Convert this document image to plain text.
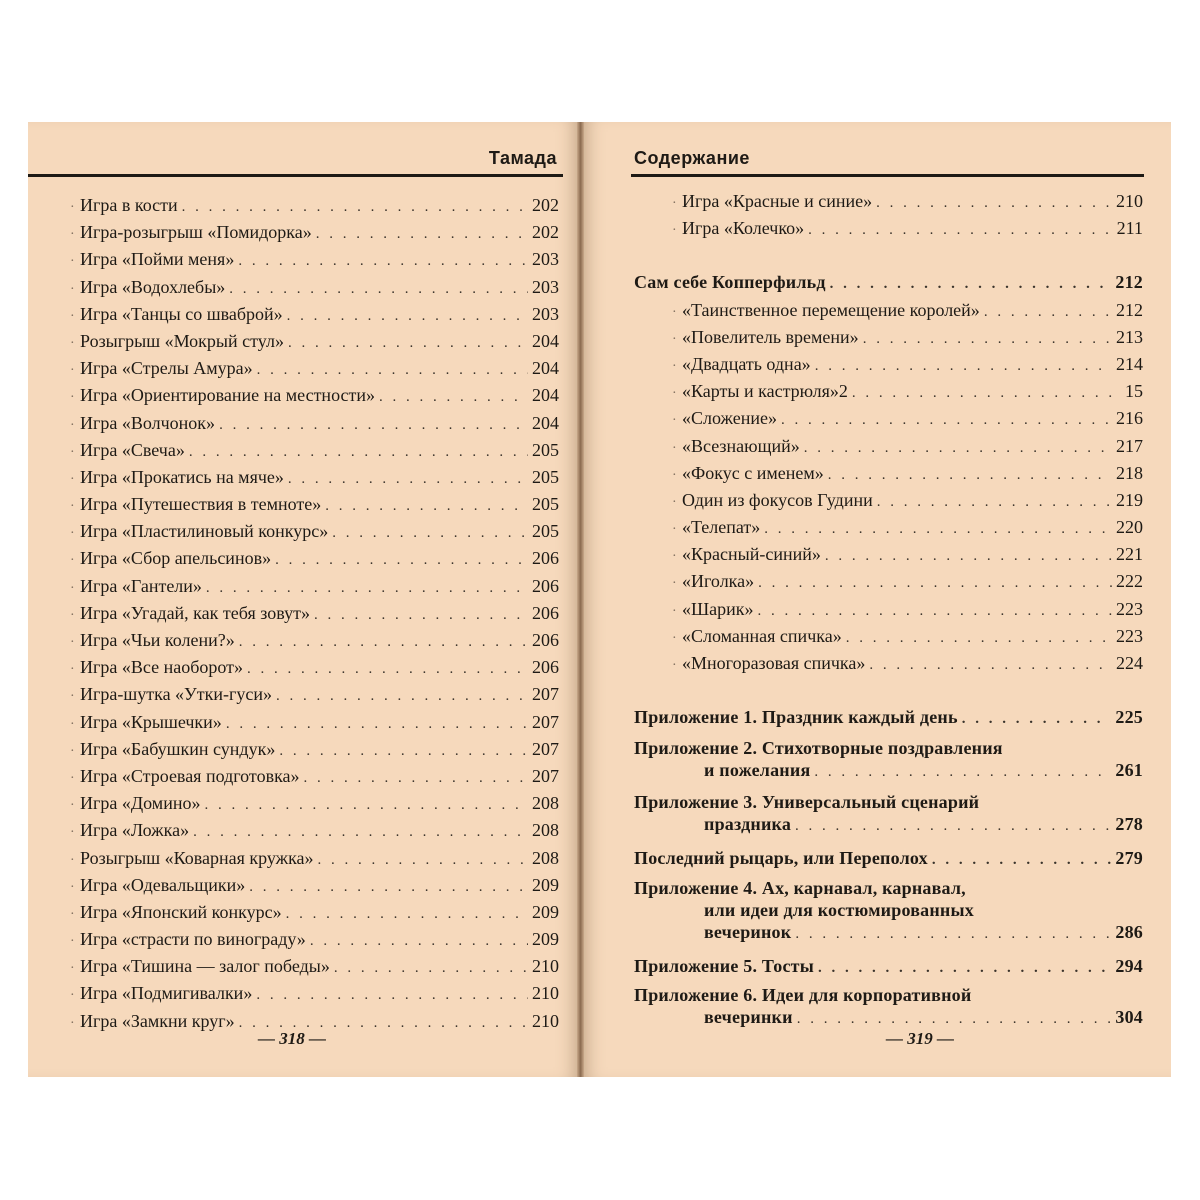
Тамада
· Игра в кости . . .	202
· Игра-розыгрыш «Помидорка» . . .	202
· Игра «Пойми меня» . . .	203
· Игра «Водохлебы» . . .	203
· Игра «Танцы со шваброй» . . .	203
· Розыгрыш «Мокрый стул» . . .	204
· Игра «Стрелы Амура» . . .	204
· Игра «Ориентирование на местности» . . .	204
· Игра «Волчонок» . . .	204
· Игра «Свеча» . . .	205
· Игра «Прокатись на мяче» . . .	205
· Игра «Путешествия в темноте» . . .	205
· Игра «Пластилиновый конкурс» . . .	205
· Игра «Сбор апельсинов» . . .	206
· Игра «Гантели» . . .	206
· Игра «Угадай, как тебя зовут» . . .	206
· Игра «Чьи колени?» . . .	206
· Игра «Все наоборот» . . .	206
· Игра-шутка «Утки-гуси» . . .	207
· Игра «Крышечки» . . .	207
· Игра «Бабушкин сундук» . . .	207
· Игра «Строевая подготовка» . . .	207
· Игра «Домино» . . .	208
· Игра «Ложка» . . .	208
· Розыгрыш «Коварная кружка» . . .	208
· Игра «Одевальщики» . . .	209
· Игра «Японский конкурс» . . .	209
· Игра «страсти по винограду» . . .	209
· Игра «Тишина — залог победы» . . .	210
· Игра «Подмигивалки» . . .	210
· Игра «Замкни круг» . . .	210
— 318 —
Содержание
· Игра «Красные и синие» . . .	210
· Игра «Колечко» . . .	211
Сам себе Копперфильд . . .	212
· «Таинственное перемещение королей» . . .	212
· «Повелитель времени» . . .	213
· «Двадцать одна» . . .	214
· «Карты и кастрюля»2 . . .	15
· «Сложение» . . .	216
· «Всезнающий» . . .	217
· «Фокус с именем» . . .	218
· Один из фокусов Гудини . . .	219
· «Телепат» . . .	220
· «Красный-синий» . . .	221
· «Иголка» . . .	222
· «Шарик» . . .	223
· «Сломанная спичка» . . .	223
· «Многоразовая спичка» . . .	224
Приложение 1. Праздник каждый день . . .	225
Приложение 2. Стихотворные поздравления
и пожелания . . .	261
Приложение 3. Универсальный сценарий
праздника . . .	278
Последний рыцарь, или Переполох . . .	279
Приложение 4. Ах, карнавал, карнавал,
или идеи для костюмированных
вечеринок . . .	286
Приложение 5. Тосты . . .	294
Приложение 6. Идеи для корпоративной
вечеринки . . .	304
— 319 —
